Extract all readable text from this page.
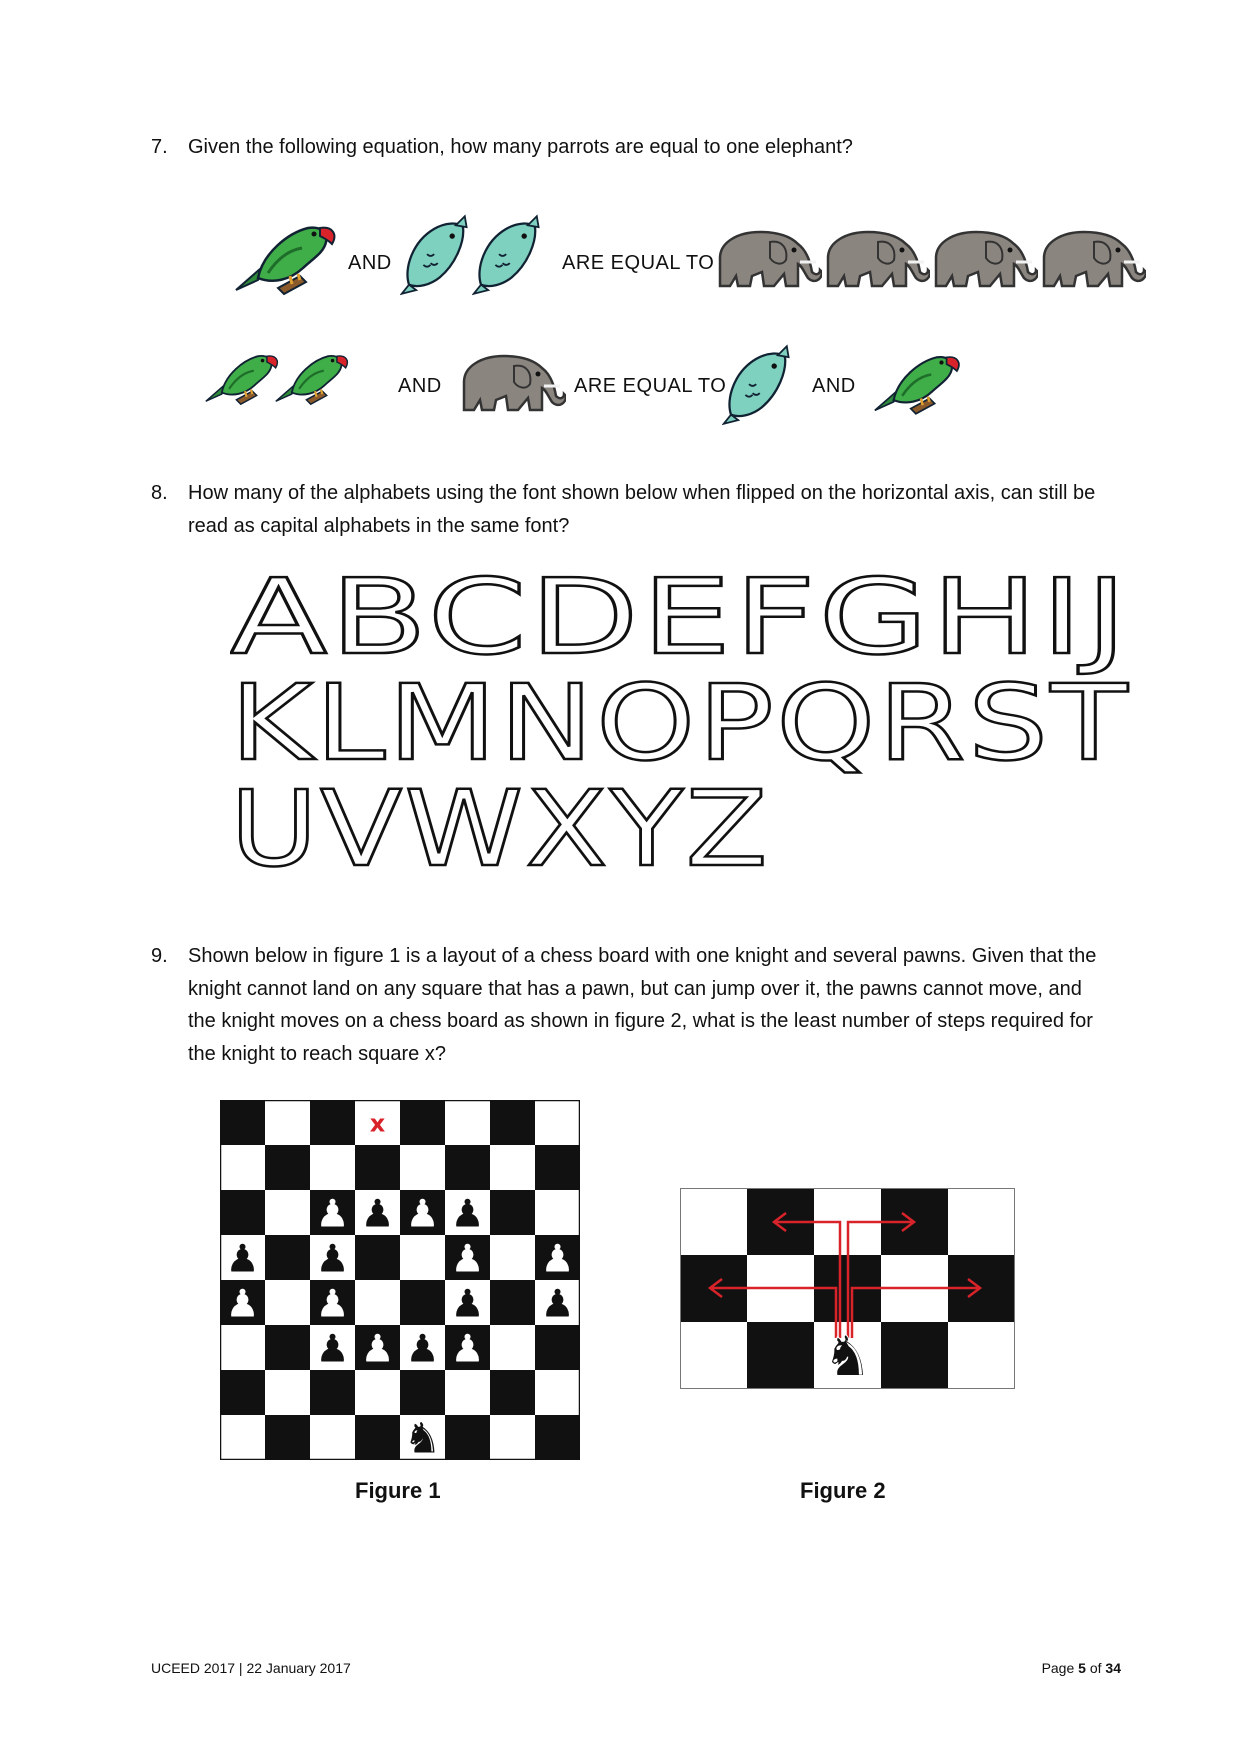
7. Given the following equation, how many parrots are equal to one elephant?
AND	ARE EQUAL TO
AND	ARE EQUAL TO	AND
8. How many of the alphabets using the font shown below when flipped on the horizontal axis, can still be read as capital alphabets in the same font?
ABCDEFGHIJ
KLMNOPQRST
UVWXYZ
9. Shown below in figure 1 is a layout of a chess board with one knight and several pawns. Given that the knight cannot land on any square that has a pawn, but can jump over it, the pawns cannot move, and the knight moves on a chess board as shown in figure 2, what is the least number of steps required for the knight to reach square x?
x
♟ ♟ ♟ ♟
♟ ♟	♟ ♟
♟ ♟	♟ ♟
♟ ♟ ♟ ♟
♞
Figure 1
♞
Figure 2
UCEED 2017 | 22 January 2017	Page 5 of 34
